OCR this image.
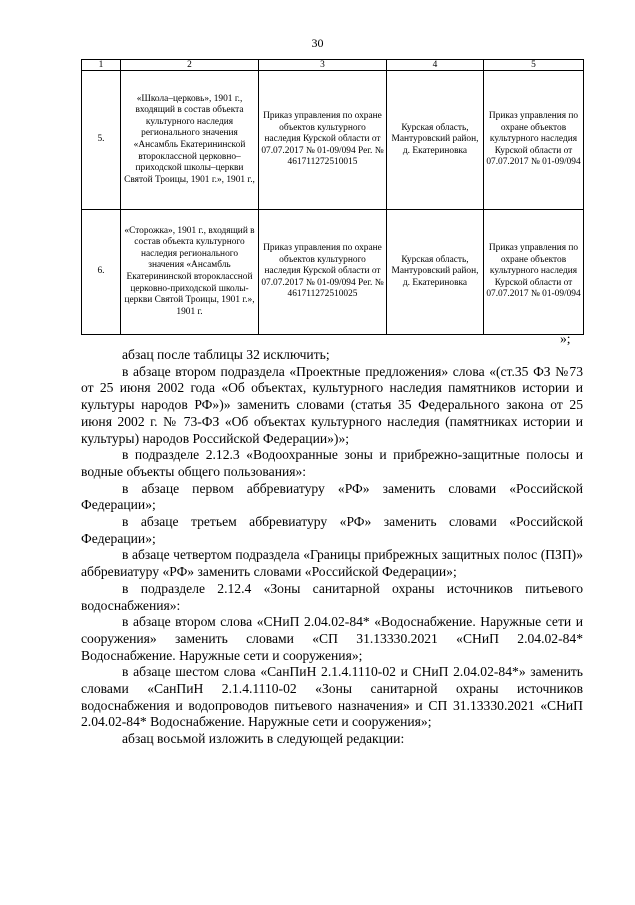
30
1	2	3	4	5
5.	«Школа–церковь», 1901 г., входящий в состав объекта культурного наследия регионального значения «Ансамбль Екатерининской второклассной церковно–приходской школы–церкви Святой Троицы, 1901 г.», 1901 г.,	Приказ управления по охране объектов культурного наследия Курской области от 07.07.2017 № 01-09/094 Рег. № 461711272510015	Курская область, Мантуровский район, д. Екатериновка	Приказ управления по охране объектов культурного наследия Курской области от 07.07.2017 № 01-09/094
6.	«Сторожка», 1901 г., входящий в состав объекта культурного наследия регионального значения «Ансамбль Екатерининской второклассной церковно-приходской школы-церкви Святой Троицы, 1901 г.», 1901 г.	Приказ управления по охране объектов культурного наследия Курской области от 07.07.2017 № 01-09/094 Рег. № 461711272510025	Курская область, Мантуровский район, д. Екатериновка	Приказ управления по охране объектов культурного наследия Курской области от 07.07.2017 № 01-09/094
»;

абзац после таблицы 32 исключить;

в абзаце втором подраздела «Проектные предложения» слова «(ст.35 ФЗ №73 от 25 июня 2002 года «Об объектах, культурного наследия памятников истории и культуры народов РФ»)» заменить словами (статья 35 Федерального закона от 25 июня 2002 г. № 73-ФЗ «Об объектах культурного наследия (памятниках истории и культуры) народов Российской Федерации»)»;

в подразделе 2.12.3 «Водоохранные зоны и прибрежно-защитные полосы и водные объекты общего пользования»:

в абзаце первом аббревиатуру «РФ» заменить словами «Российской Федерации»;

в абзаце третьем аббревиатуру «РФ» заменить словами «Российской Федерации»;

в абзаце четвертом подраздела «Границы прибрежных защитных полос (ПЗП)» аббревиатуру «РФ» заменить словами «Российской Федерации»;

в подразделе 2.12.4 «Зоны санитарной охраны источников питьевого водоснабжения»:

в абзаце втором слова «СНиП 2.04.02-84* «Водоснабжение. Наружные сети и сооружения» заменить словами «СП 31.13330.2021 «СНиП 2.04.02-84* Водоснабжение. Наружные сети и сооружения»;

в абзаце шестом слова «СанПиН 2.1.4.1110-02 и СНиП 2.04.02-84*» заменить словами «СанПиН 2.1.4.1110-02 «Зоны санитарной охраны источников водоснабжения и водопроводов питьевого назначения» и СП 31.13330.2021 «СНиП 2.04.02-84* Водоснабжение. Наружные сети и сооружения»;

абзац восьмой изложить в следующей редакции:
